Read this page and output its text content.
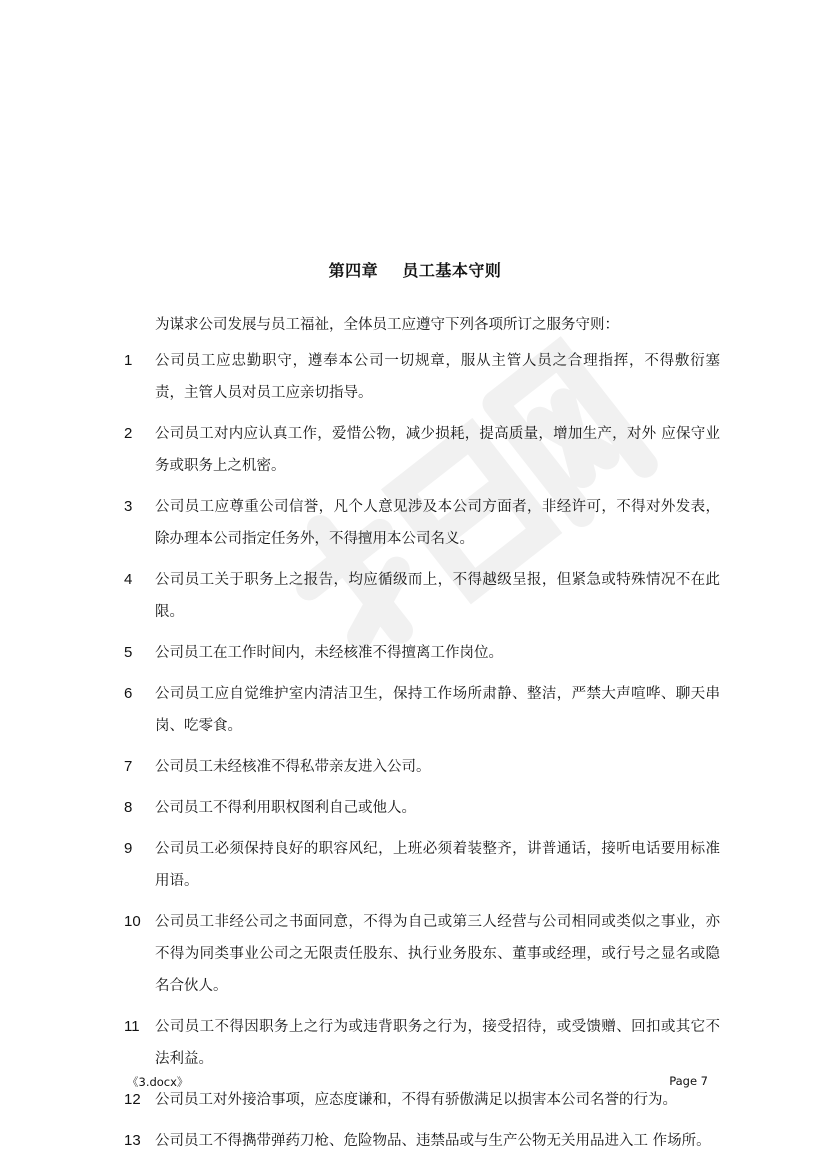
第四章    员工基本守则
为谋求公司发展与员工福祉，全体员工应遵守下列各项所订之服务守则：
1	公司员工应忠勤职守，遵奉本公司一切规章，服从主管人员之合理指挥，不得敷衍塞责，主管人员对员工应亲切指导。
2	公司员工对内应认真工作，爱惜公物，减少损耗，提高质量，增加生产，对外 应保守业务或职务上之机密。
3	公司员工应尊重公司信誉，凡个人意见涉及本公司方面者，非经许可，不得对外发表，除办理本公司指定任务外，不得擅用本公司名义。
4	公司员工关于职务上之报告，均应循级而上，不得越级呈报，但紧急或特殊情况不在此限。
5	公司员工在工作时间内，未经核准不得擅离工作岗位。
6	公司员工应自觉维护室内清洁卫生，保持工作场所肃静、整洁，严禁大声喧哗、聊天串岗、吃零食。
7	公司员工未经核准不得私带亲友进入公司。
8	公司员工不得利用职权图利自己或他人。
9	公司员工必须保持良好的职容风纪，上班必须着装整齐，讲普通话，接听电话要用标准用语。
10 公司员工非经公司之书面同意，不得为自己或第三人经营与公司相同或类似之事业，亦不得为同类事业公司之无限责任股东、执行业务股东、董事或经理，或行号之显名或隐名合伙人。
11	公司员工不得因职务上之行为或违背职务之行为，接受招待，或受馈赠、回扣或其它不法利益。
12 公司员工对外接洽事项，应态度谦和，不得有骄傲满足以损害本公司名誉的行为。
13 公司员工不得擕带弹药刀枪、危险物品、违禁品或与生产公物无关用品进入工 作场所。
《3.docx》	Page 7
